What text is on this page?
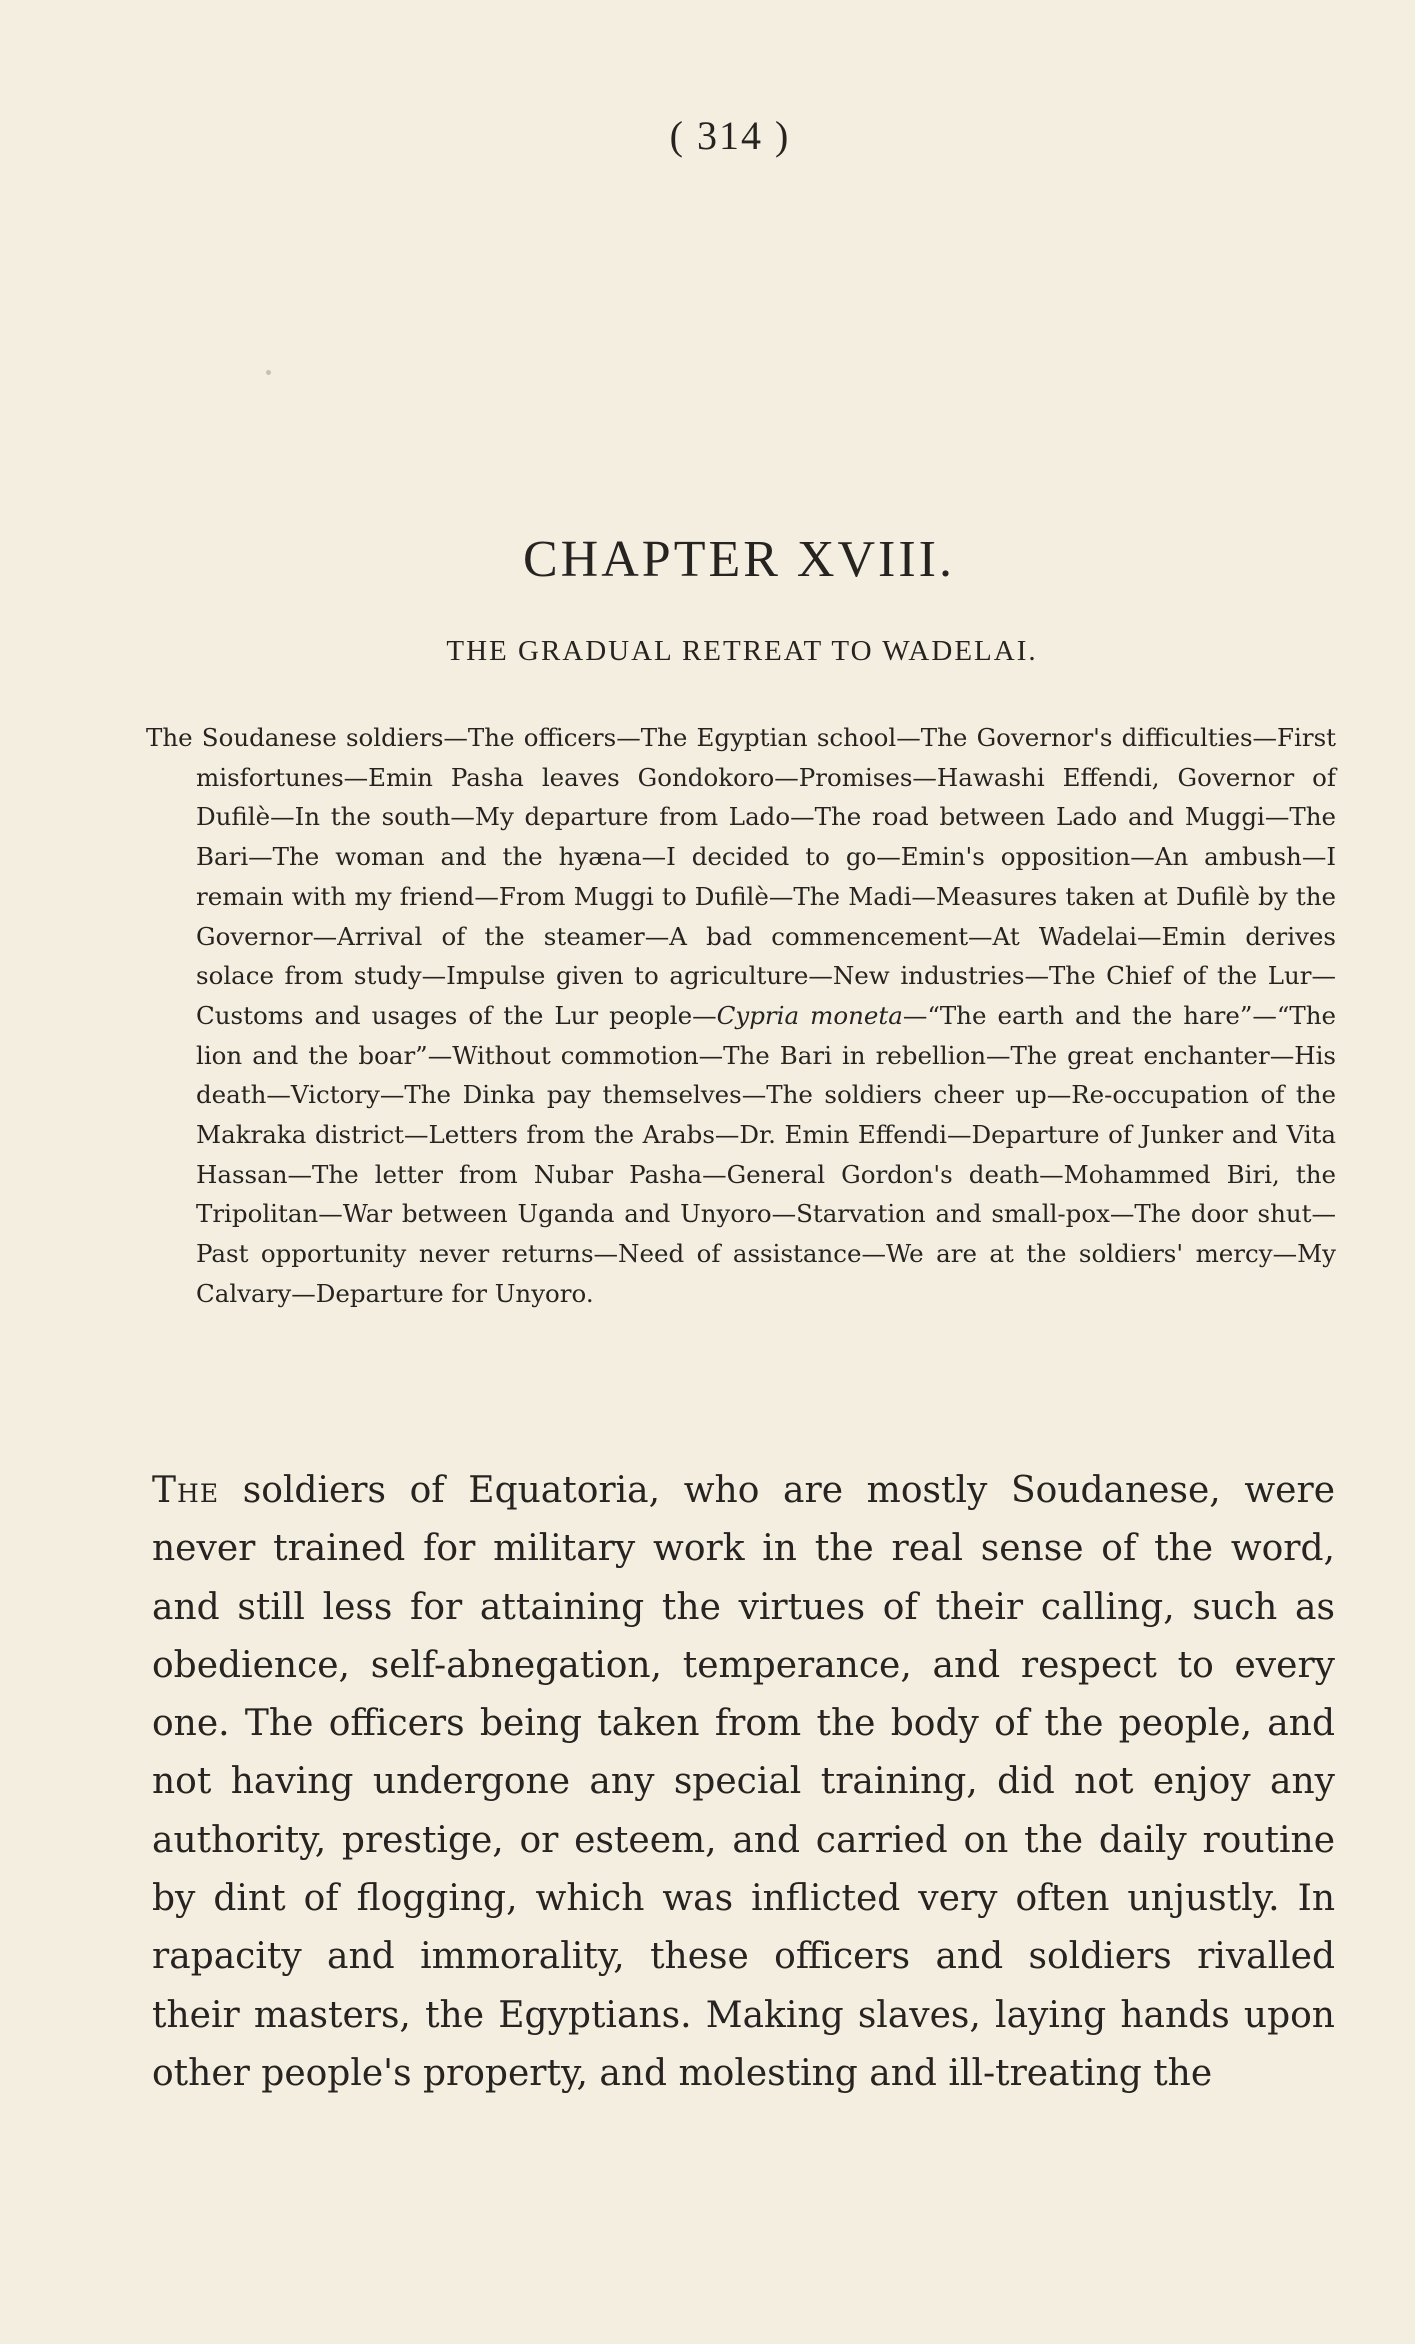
( 314 )
CHAPTER XVIII.
THE GRADUAL RETREAT TO WADELAI.
The Soudanese soldiers—The officers—The Egyptian school—The Governor's difficulties—First misfortunes—Emin Pasha leaves Gondokoro—Promises—Hawashi Effendi, Governor of Dufilè—In the south—My departure from Lado—The road between Lado and Muggi—The Bari—The woman and the hyæna—I decided to go—Emin's opposition—An ambush—I remain with my friend—From Muggi to Dufilè—The Madi—Measures taken at Dufilè by the Governor—Arrival of the steamer—A bad commencement—At Wadelai—Emin derives solace from study—Impulse given to agriculture—New industries—The Chief of the Lur—Customs and usages of the Lur people—Cypria moneta—“The earth and the hare”—“The lion and the boar”—Without commotion—The Bari in rebellion—The great enchanter—His death—Victory—The Dinka pay themselves—The soldiers cheer up—Re-occupation of the Makraka district—Letters from the Arabs—Dr. Emin Effendi—Departure of Junker and Vita Hassan—The letter from Nubar Pasha—General Gordon's death—Mohammed Biri, the Tripolitan—War between Uganda and Unyoro—Starvation and small-pox—The door shut—Past opportunity never returns—Need of assistance—We are at the soldiers' mercy—My Calvary—Departure for Unyoro.

The soldiers of Equatoria, who are mostly Soudanese, were never trained for military work in the real sense of the word, and still less for attaining the virtues of their calling, such as obedience, self-abnegation, temperance, and respect to every one. The officers being taken from the body of the people, and not having undergone any special training, did not enjoy any authority, prestige, or esteem, and carried on the daily routine by dint of flogging, which was inflicted very often unjustly. In rapacity and immorality, these officers and soldiers rivalled their masters, the Egyptians. Making slaves, laying hands upon other people's property, and molesting and ill-treating the
